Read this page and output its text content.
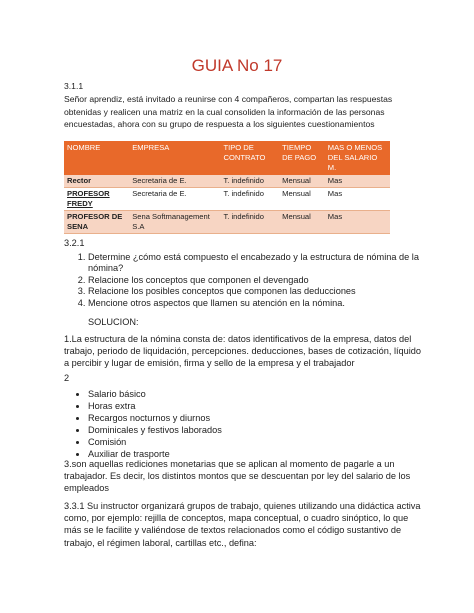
GUIA No 17

3.1.1

Señor aprendiz, está invitado a reunirse con 4 compañeros, compartan las respuestas obtenidas y realicen una matriz en la cual consoliden la información de las personas encuestadas, ahora con su grupo de respuesta a los siguientes cuestionamientos

NOMBRE	EMPRESA	TIPO DE CONTRATO	TIEMPO DE PAGO	MAS O MENOS DEL SALARIO M.
Rector	Secretaria de E.	T. indefinido	Mensual	Mas
PROFESOR FREDY	Secretaria de E.	T. indefinido	Mensual	Mas
PROFESOR DE SENA	Sena Softmanagement S.A	T. indefinido	Mensual	Mas

3.2.1

1. Determine ¿cómo está compuesto el encabezado y la estructura de nómina de la nómina?
2. Relacione los conceptos que componen el devengado
3. Relacione los posibles conceptos que componen las deducciones
4. Mencione otros aspectos que llamen su atención en la nómina.

SOLUCION:

1.La estructura de la nómina consta de: datos identificativos de la empresa, datos del trabajo, periodo de liquidación, percepciones. deducciones, bases de cotización, líquido a percibir y lugar de emisión, firma y sello de la empresa y el trabajador

2

• Salario básico
• Horas extra
• Recargos nocturnos y diurnos
• Dominicales y festivos laborados
• Comisión
• Auxiliar de trasporte

3.son aquellas rediciones monetarias que se aplican al momento de pagarle a un trabajador. Es decir, los distintos montos que se descuentan por ley del salario de los empleados

3.3.1 Su instructor organizará grupos de trabajo, quienes utilizando una didáctica activa como, por ejemplo: rejilla de conceptos, mapa conceptual, o cuadro sinóptico, lo que más se le facilite y valiéndose de textos relacionados como el código sustantivo de trabajo, el régimen laboral, cartillas etc., defina:
